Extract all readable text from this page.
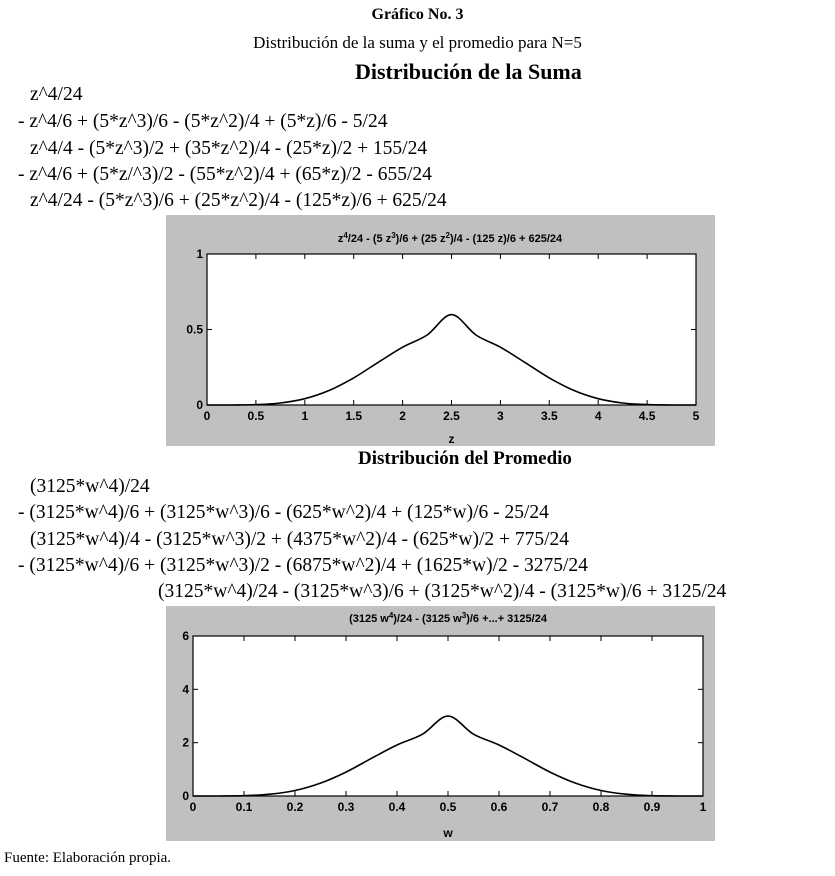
Gráfico No. 3
Distribución de la suma y el promedio para N=5
Distribución de la Suma
z^4/24
- z^4/6 + (5*z^3)/6 - (5*z^2)/4 + (5*z)/6 - 5/24
z^4/4 - (5*z^3)/2 + (35*z^2)/4 - (25*z)/2 + 155/24
- z^4/6 + (5*z/^3)/2 - (55*z^2)/4 + (65*z)/2 - 655/24
z^4/24 - (5*z^3)/6 + (25*z^2)/4 - (125*z)/6 + 625/24
$z^4/24 - (5$ $z^3)/6 + (25$ $z^2)/4 - (125$ z)/6 + 625/24
0	0.5	1	1.5	2	2.5	3	3.5	4	4.5	5
0
0.5
1
z
Distribución del Promedio
(3125*w^4)/24
- (3125*w^4)/6 + (3125*w^3)/6 - (625*w^2)/4 + (125*w)/6 - 25/24
(3125*w^4)/4 - (3125*w^3)/2 + (4375*w^2)/4 - (625*w)/2 + 775/24
- (3125*w^4)/6 + (3125*w^3)/2 - (6875*w^2)/4 + (1625*w)/2 - 3275/24
(3125*w^4)/24 - (3125*w^3)/6 + (3125*w^2)/4 - (3125*w)/6 + 3125/24
(3125 $w^4)/24 - (3125$ $w^3)/6$ +...+ 3125/24
0	0.1	0.2	0.3	0.4	0.5	0.6	0.7	0.8	0.9	1
0
2
4
6
w
Fuente: Elaboración propia.
